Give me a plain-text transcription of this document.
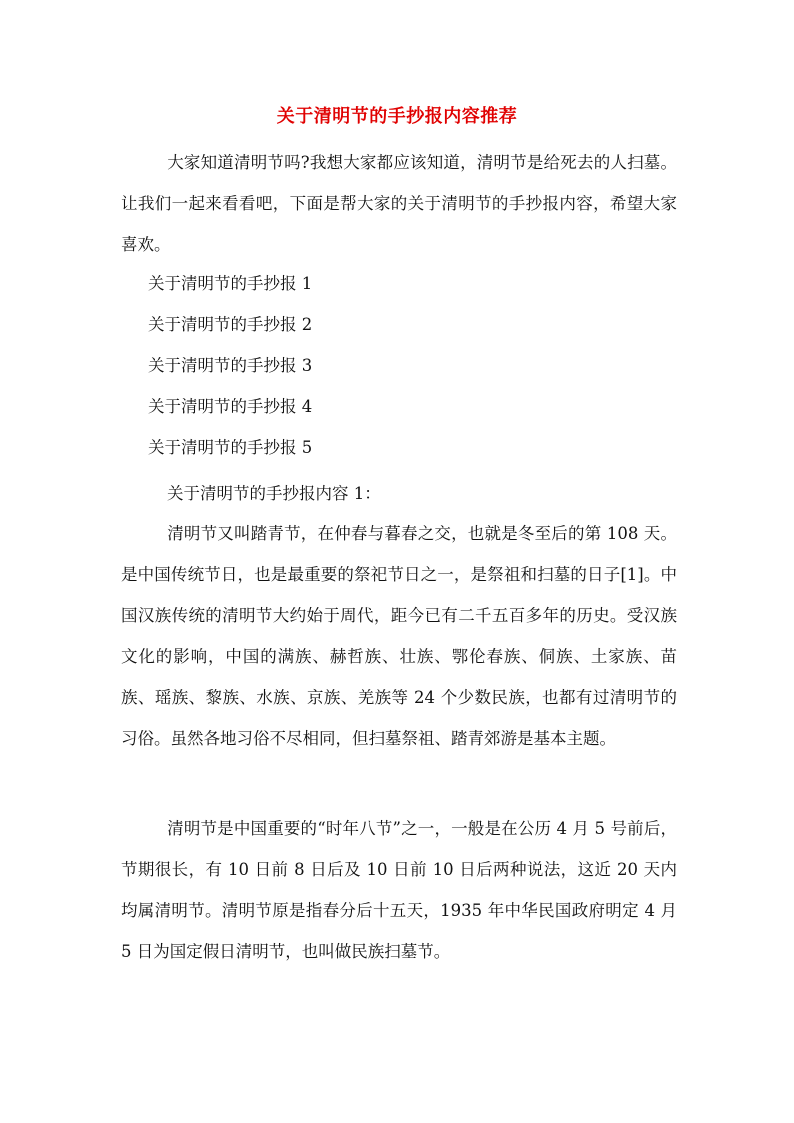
关于清明节的手抄报内容推荐

大家知道清明节吗?我想大家都应该知道，清明节是给死去的人扫墓。让我们一起来看看吧，下面是帮大家的关于清明节的手抄报内容，希望大家喜欢。

关于清明节的手抄报 1
关于清明节的手抄报 2
关于清明节的手抄报 3
关于清明节的手抄报 4
关于清明节的手抄报 5

关于清明节的手抄报内容 1：

清明节又叫踏青节，在仲春与暮春之交，也就是冬至后的第 108 天。是中国传统节日，也是最重要的祭祀节日之一，是祭祖和扫墓的日子[1]。中国汉族传统的清明节大约始于周代，距今已有二千五百多年的历史。受汉族文化的影响，中国的满族、赫哲族、壮族、鄂伦春族、侗族、土家族、苗族、瑶族、黎族、水族、京族、羌族等 24 个少数民族，也都有过清明节的习俗。虽然各地习俗不尽相同，但扫墓祭祖、踏青郊游是基本主题。

清明节是中国重要的“时年八节”之一，一般是在公历 4 月 5 号前后，节期很长，有 10 日前 8 日后及 10 日前 10 日后两种说法，这近 20 天内均属清明节。清明节原是指春分后十五天，1935 年中华民国政府明定 4 月 5 日为国定假日清明节，也叫做民族扫墓节。
